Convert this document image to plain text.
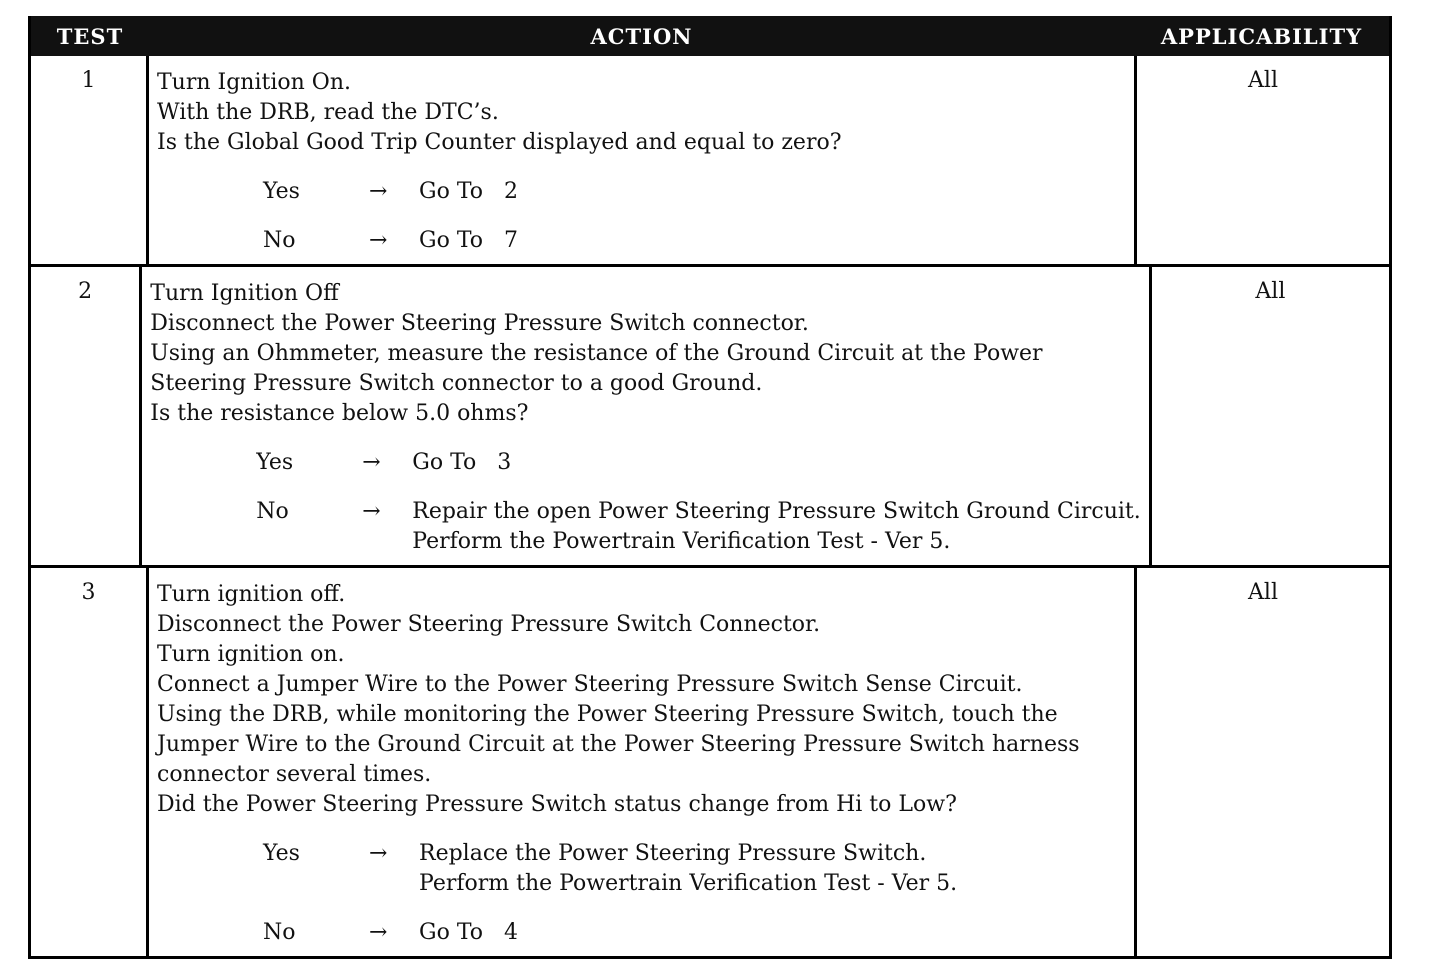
TEST	ACTION	APPLICABILITY
1	Turn Ignition On.
With the DRB, read the DTC’s.
Is the Global Good Trip Counter displayed and equal to zero?
Yes	→	Go To   2
No	→	Go To   7
All
2	Turn Ignition Off
Disconnect the Power Steering Pressure Switch connector.
Using an Ohmmeter, measure the resistance of the Ground Circuit at the Power
Steering Pressure Switch connector to a good Ground.
Is the resistance below 5.0 ohms?
Yes	→	Go To   3
No	→	Repair the open Power Steering Pressure Switch Ground Circuit.
Perform the Powertrain Verification Test - Ver 5.
All
3	Turn ignition off.
Disconnect the Power Steering Pressure Switch Connector.
Turn ignition on.
Connect a Jumper Wire to the Power Steering Pressure Switch Sense Circuit.
Using the DRB, while monitoring the Power Steering Pressure Switch, touch the
Jumper Wire to the Ground Circuit at the Power Steering Pressure Switch harness
connector several times.
Did the Power Steering Pressure Switch status change from Hi to Low?
Yes	→	Replace the Power Steering Pressure Switch.
Perform the Powertrain Verification Test - Ver 5.
No	→	Go To   4
All
